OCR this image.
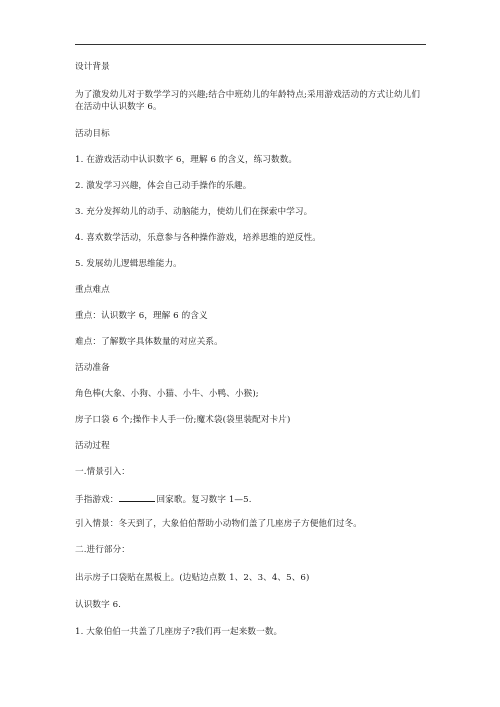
设计背景
为了激发幼儿对于数学学习的兴趣;结合中班幼儿的年龄特点;采用游戏活动的方式让幼儿们在活动中认识数字 6。
活动目标
1. 在游戏活动中认识数字 6，理解 6 的含义，练习数数。
2. 激发学习兴趣，体会自己动手操作的乐趣。
3. 充分发挥幼儿的动手、动脑能力，使幼儿们在探索中学习。
4. 喜欢数学活动，乐意参与各种操作游戏，培养思维的逆反性。
5. 发展幼儿逻辑思维能力。
重点难点
重点：认识数字 6，理解 6 的含义
难点：了解数字具体数量的对应关系。
活动准备
角色棒(大象、小狗、小猫、小牛、小鸭、小猴);
房子口袋 6 个;操作卡人手一份;魔术袋(袋里装配对卡片)
活动过程
一.情景引入：
手指游戏：	回家歌。复习数字 1—5.
引入情景：冬天到了，大象伯伯帮助小动物们盖了几座房子方便他们过冬。
二.进行部分：
出示房子口袋贴在黑板上。(边贴边点数 1、2、3、4、5、6)
认识数字 6.
1. 大象伯伯一共盖了几座房子?我们再一起来数一数。
